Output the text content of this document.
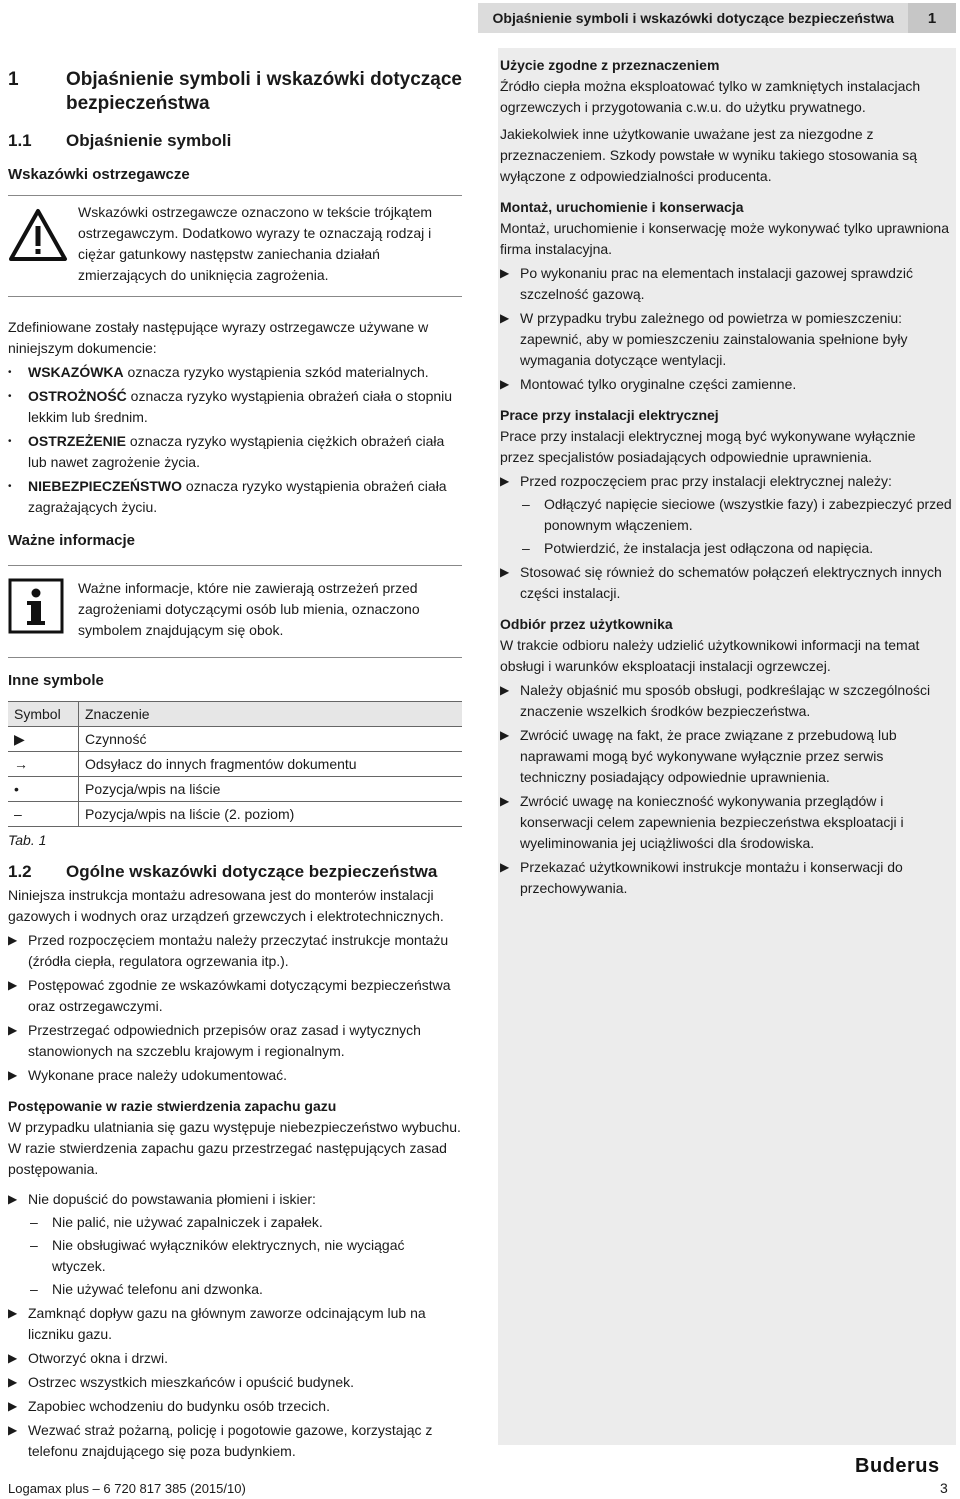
Objaśnienie symboli i wskazówki dotyczące bezpieczeństwa	1
1	Objaśnienie symboli i wskazówki dotyczące bezpieczeństwa
1.1	Objaśnienie symboli
Wskazówki ostrzegawcze
Wskazówki ostrzegawcze oznaczono w tekście trójkątem ostrzegawczym. Dodatkowo wyrazy te oznaczają rodzaj i ciężar gatunkowy następstw zaniechania działań zmierzających do uniknięcia zagrożenia.

Zdefiniowane zostały następujące wyrazy ostrzegawcze używane w niniejszym dokumencie:

• WSKAZÓWKA oznacza ryzyko wystąpienia szkód materialnych.
• OSTROŻNOŚĆ oznacza ryzyko wystąpienia obrażeń ciała o stopniu lekkim lub średnim.
• OSTRZEŻENIE oznacza ryzyko wystąpienia ciężkich obrażeń ciała lub nawet zagrożenie życia.
• NIEBEZPIECZEŃSTWO oznacza ryzyko wystąpienia obrażeń ciała zagrażających życiu.
Ważne informacje
Ważne informacje, które nie zawierają ostrzeżeń przed zagrożeniami dotyczącymi osób lub mienia, oznaczono symbolem znajdującym się obok.
Inne symbole
Symbol	Znaczenie
▶	Czynność
→	Odsyłacz do innych fragmentów dokumentu
•	Pozycja/wpis na liście
–	Pozycja/wpis na liście (2. poziom)
Tab. 1
1.2	Ogólne wskazówki dotyczące bezpieczeństwa

Niniejsza instrukcja montażu adresowana jest do monterów instalacji gazowych i wodnych oraz urządzeń grzewczych i elektrotechnicznych.

▶ Przed rozpoczęciem montażu należy przeczytać instrukcje montażu (źródła ciepła, regulatora ogrzewania itp.).
▶ Postępować zgodnie ze wskazówkami dotyczącymi bezpieczeństwa oraz ostrzegawczymi.
▶ Przestrzegać odpowiednich przepisów oraz zasad i wytycznych stanowionych na szczeblu krajowym i regionalnym.
▶ Wykonane prace należy udokumentować.
Postępowanie w razie stwierdzenia zapachu gazu

W przypadku ulatniania się gazu występuje niebezpieczeństwo wybuchu. W razie stwierdzenia zapachu gazu przestrzegać następujących zasad postępowania.

▶ Nie dopuścić do powstawania płomieni i iskier:
– Nie palić, nie używać zapalniczek i zapałek.
– Nie obsługiwać wyłączników elektrycznych, nie wyciągać wtyczek.
– Nie używać telefonu ani dzwonka.
▶ Zamknąć dopływ gazu na głównym zaworze odcinającym lub na liczniku gazu.
▶ Otworzyć okna i drzwi.
▶ Ostrzec wszystkich mieszkańców i opuścić budynek.
▶ Zapobiec wchodzeniu do budynku osób trzecich.
▶ Wezwać straż pożarną, policję i pogotowie gazowe, korzystając z telefonu znajdującego się poza budynkiem.
Użycie zgodne z przeznaczeniem

Źródło ciepła można eksploatować tylko w zamkniętych instalacjach ogrzewczych i przygotowania c.w.u. do użytku prywatnego.

Jakiekolwiek inne użytkowanie uważane jest za niezgodne z przeznaczeniem. Szkody powstałe w wyniku takiego stosowania są wyłączone z odpowiedzialności producenta.

Montaż, uruchomienie i konserwacja

Montaż, uruchomienie i konserwację może wykonywać tylko uprawniona firma instalacyjna.

▶ Po wykonaniu prac na elementach instalacji gazowej sprawdzić szczelność gazową.
▶ W przypadku trybu zależnego od powietrza w pomieszczeniu: zapewnić, aby w pomieszczeniu zainstalowania spełnione były wymagania dotyczące wentylacji.
▶ Montować tylko oryginalne części zamienne.
Prace przy instalacji elektrycznej

Prace przy instalacji elektrycznej mogą być wykonywane wyłącznie przez specjalistów posiadających odpowiednie uprawnienia.

▶ Przed rozpoczęciem prac przy instalacji elektrycznej należy:
– Odłączyć napięcie sieciowe (wszystkie fazy) i zabezpieczyć przed ponownym włączeniem.
– Potwierdzić, że instalacja jest odłączona od napięcia.
▶ Stosować się również do schematów połączeń elektrycznych innych części instalacji.
Odbiór przez użytkownika

W trakcie odbioru należy udzielić użytkownikowi informacji na temat obsługi i warunków eksploatacji instalacji ogrzewczej.

▶ Należy objaśnić mu sposób obsługi, podkreślając w szczególności znaczenie wszelkich środków bezpieczeństwa.
▶ Zwrócić uwagę na fakt, że prace związane z przebudową lub naprawami mogą być wykonywane wyłącznie przez serwis techniczny posiadający odpowiednie uprawnienia.
▶ Zwrócić uwagę na konieczność wykonywania przeglądów i konserwacji celem zapewnienia bezpieczeństwa eksploatacji i wyeliminowania jej uciążliwości dla środowiska.
▶ Przekazać użytkownikowi instrukcje montażu i konserwacji do przechowywania.
Logamax plus – 6 720 817 385 (2015/10)
Buderus
3
